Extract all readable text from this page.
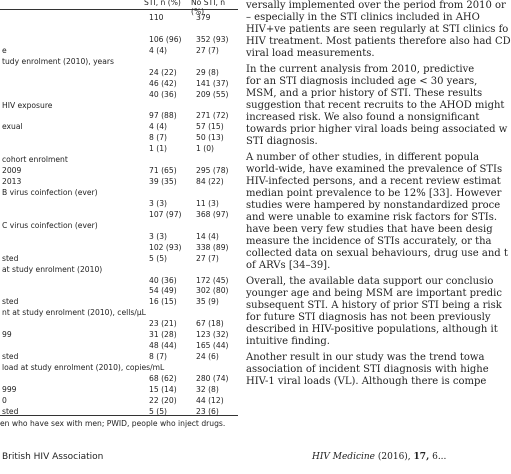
STI, n (%) No STI, n (%)
110	379
106 (96) 352 (93)
e	4 (4)	27 (7)
tudy enrolment (2010), years
24 (22)	29 (8)
46 (42)	141 (37)
40 (36)	209 (55)
HIV exposure
97 (88)	271 (72)
exual	4 (4)	57 (15)
8 (7)	50 (13)
1 (1)	1 (0)
cohort enrolment
2009	71 (65)	295 (78)
2013	39 (35)	84 (22)
B virus coinfection (ever)
3 (3)	11 (3)
107 (97) 368 (97)
C virus coinfection (ever)
3 (3)	14 (4)
102 (93) 338 (89)
sted	5 (5)	27 (7)
at study enrolment (2010)
40 (36)	172 (45)
54 (49)	302 (80)
sted	16 (15)	35 (9)
nt at study enrolment (2010), cells/μL
23 (21)	67 (18)
99	31 (28)	123 (32)
48 (44)	165 (44)
sted	8 (7)	24 (6)
load at study enrolment (2010), copies/mL
68 (62)	280 (74)
999	15 (14)	32 (8)
0	22 (20)	44 (12)
sted	5 (5)	23 (6)
en who have sex with men; PWID, people who inject drugs.
versally implemented over the period from 2010 or
– especially in the STI clinics included in AHO
HIV+ve patients are seen regularly at STI clinics fo
HIV treatment. Most patients therefore also had CD
viral load measurements.
In the current analysis from 2010, predictive
for an STI diagnosis included age < 30 years,
MSM, and a prior history of STI. These results
suggestion that recent recruits to the AHOD might
increased risk. We also found a nonsignificant
towards prior higher viral loads being associated w
STI diagnosis.
A number of other studies, in different popula
world-wide, have examined the prevalence of STIs
HIV-infected persons, and a recent review estimat
median point prevalence to be 12% [33]. However
studies were hampered by nonstandardized proce
and were unable to examine risk factors for STIs.
have been very few studies that have been desig
measure the incidence of STIs accurately, or tha
collected data on sexual behaviours, drug use and t
of ARVs [34–39].
Overall, the available data support our conclusio
younger age and being MSM are important predic
subsequent STI. A history of prior STI being a risk
for future STI diagnosis has not been previously
described in HIV-positive populations, although it
intuitive finding.
Another result in our study was the trend towa
association of incident STI diagnosis with highe
HIV-1 viral loads (VL). Although there is compe
British HIV Association	HIV Medicine (2016), 17, 6...
